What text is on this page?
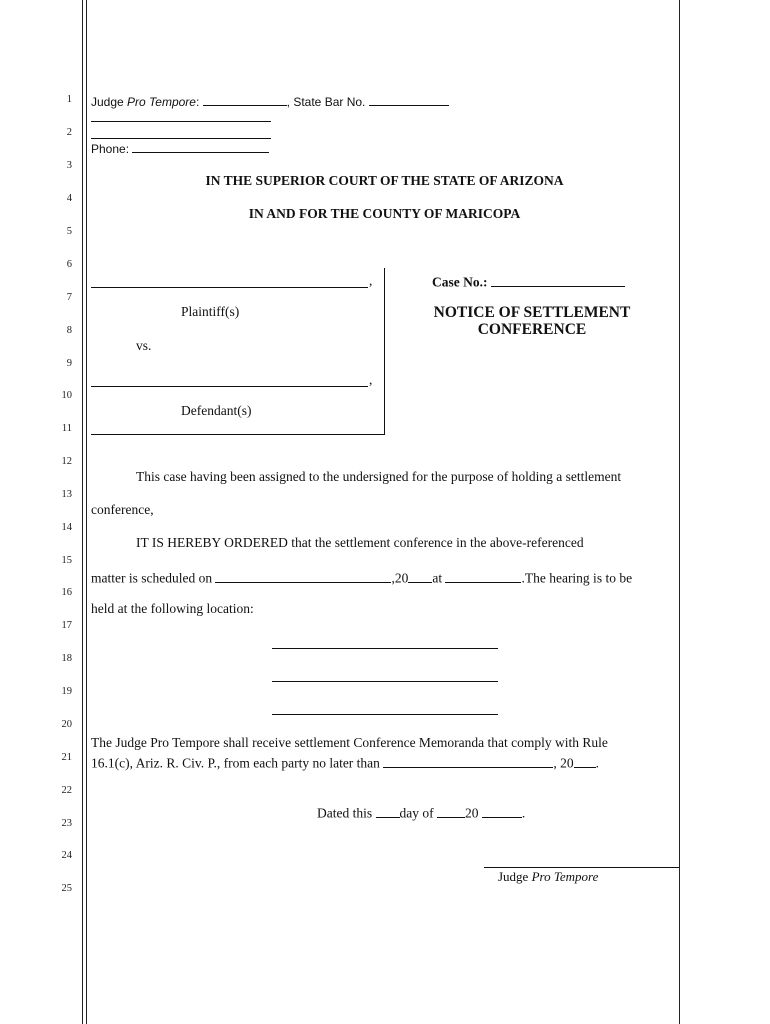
1
2
3
4
5
6
7
8
9
10
11
12
13
14
15
16
17
18
19
20
21
22
23
24
25
Judge Pro Tempore:	, State Bar No.
Phone:
IN THE SUPERIOR COURT OF THE STATE OF ARIZONA
IN AND FOR THE COUNTY OF MARICOPA
,
Plaintiff(s)
vs.
,
Defendant(s)
Case No.:
NOTICE OF SETTLEMENT
CONFERENCE
This case having been assigned to the undersigned for the purpose of holding a settlement
conference,
IT IS HEREBY ORDERED that the settlement conference in the above-referenced
matter is scheduled on	,20 at	.The hearing is to be
held at the following location:
The Judge Pro Tempore shall receive settlement Conference Memoranda that comply with Rule
16.1(c), Ariz. R. Civ. P., from each party no later than	, 20 .
Dated this day of 20	.
Judge Pro Tempore
